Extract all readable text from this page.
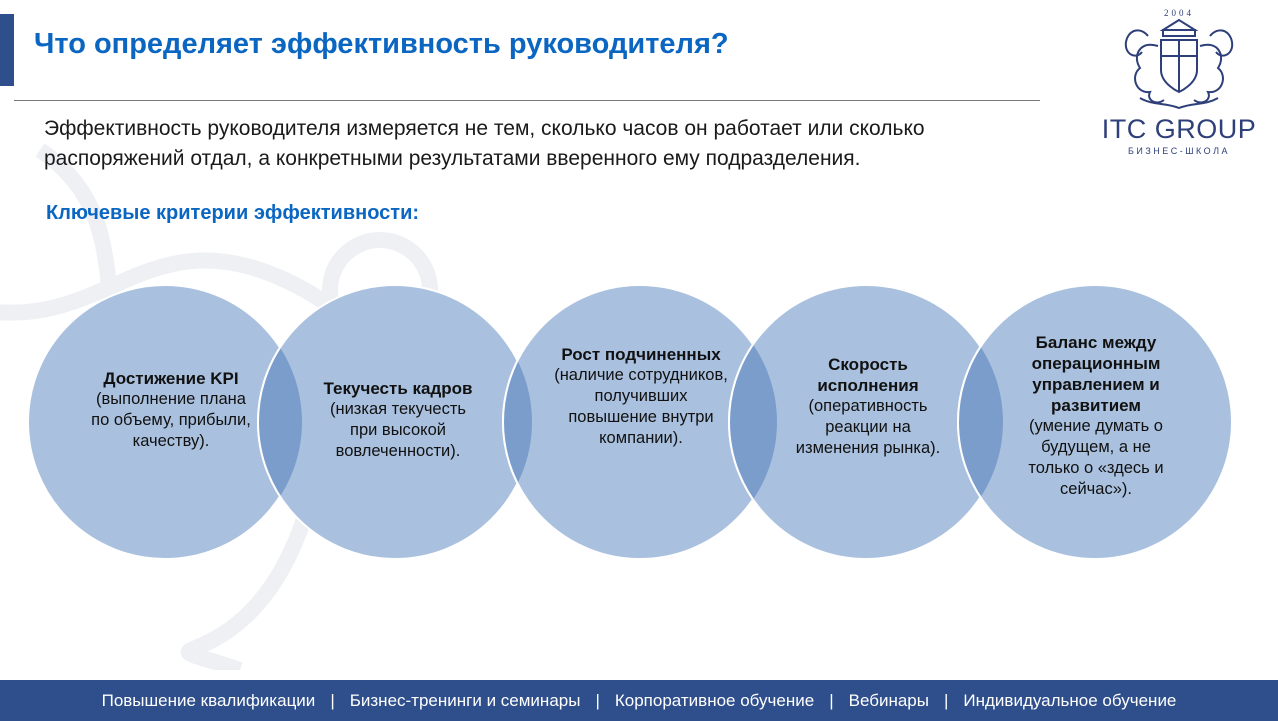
Что определяет эффективность руководителя?
Эффективность руководителя измеряется не тем, сколько часов он работает или сколько распоряжений отдал, а конкретными результатами вверенного ему подразделения.
Ключевые критерии эффективности:
2004
ITC GROUP
БИЗНЕС-ШКОЛА
Достижение KPI
(выполнение плана по объему, прибыли, качеству).
Текучесть кадров
(низкая текучесть при высокой вовлеченности).
Рост подчиненных
(наличие сотрудников, получивших повышение внутри компании).
Скорость исполнения
(оперативность реакции на изменения рынка).
Баланс между операционным управлением и развитием
(умение думать о будущем, а не только о «здесь и сейчас»).
Повышение квалификации | Бизнес-тренинги и семинары | Корпоративное обучение | Вебинары | Индивидуальное обучение
